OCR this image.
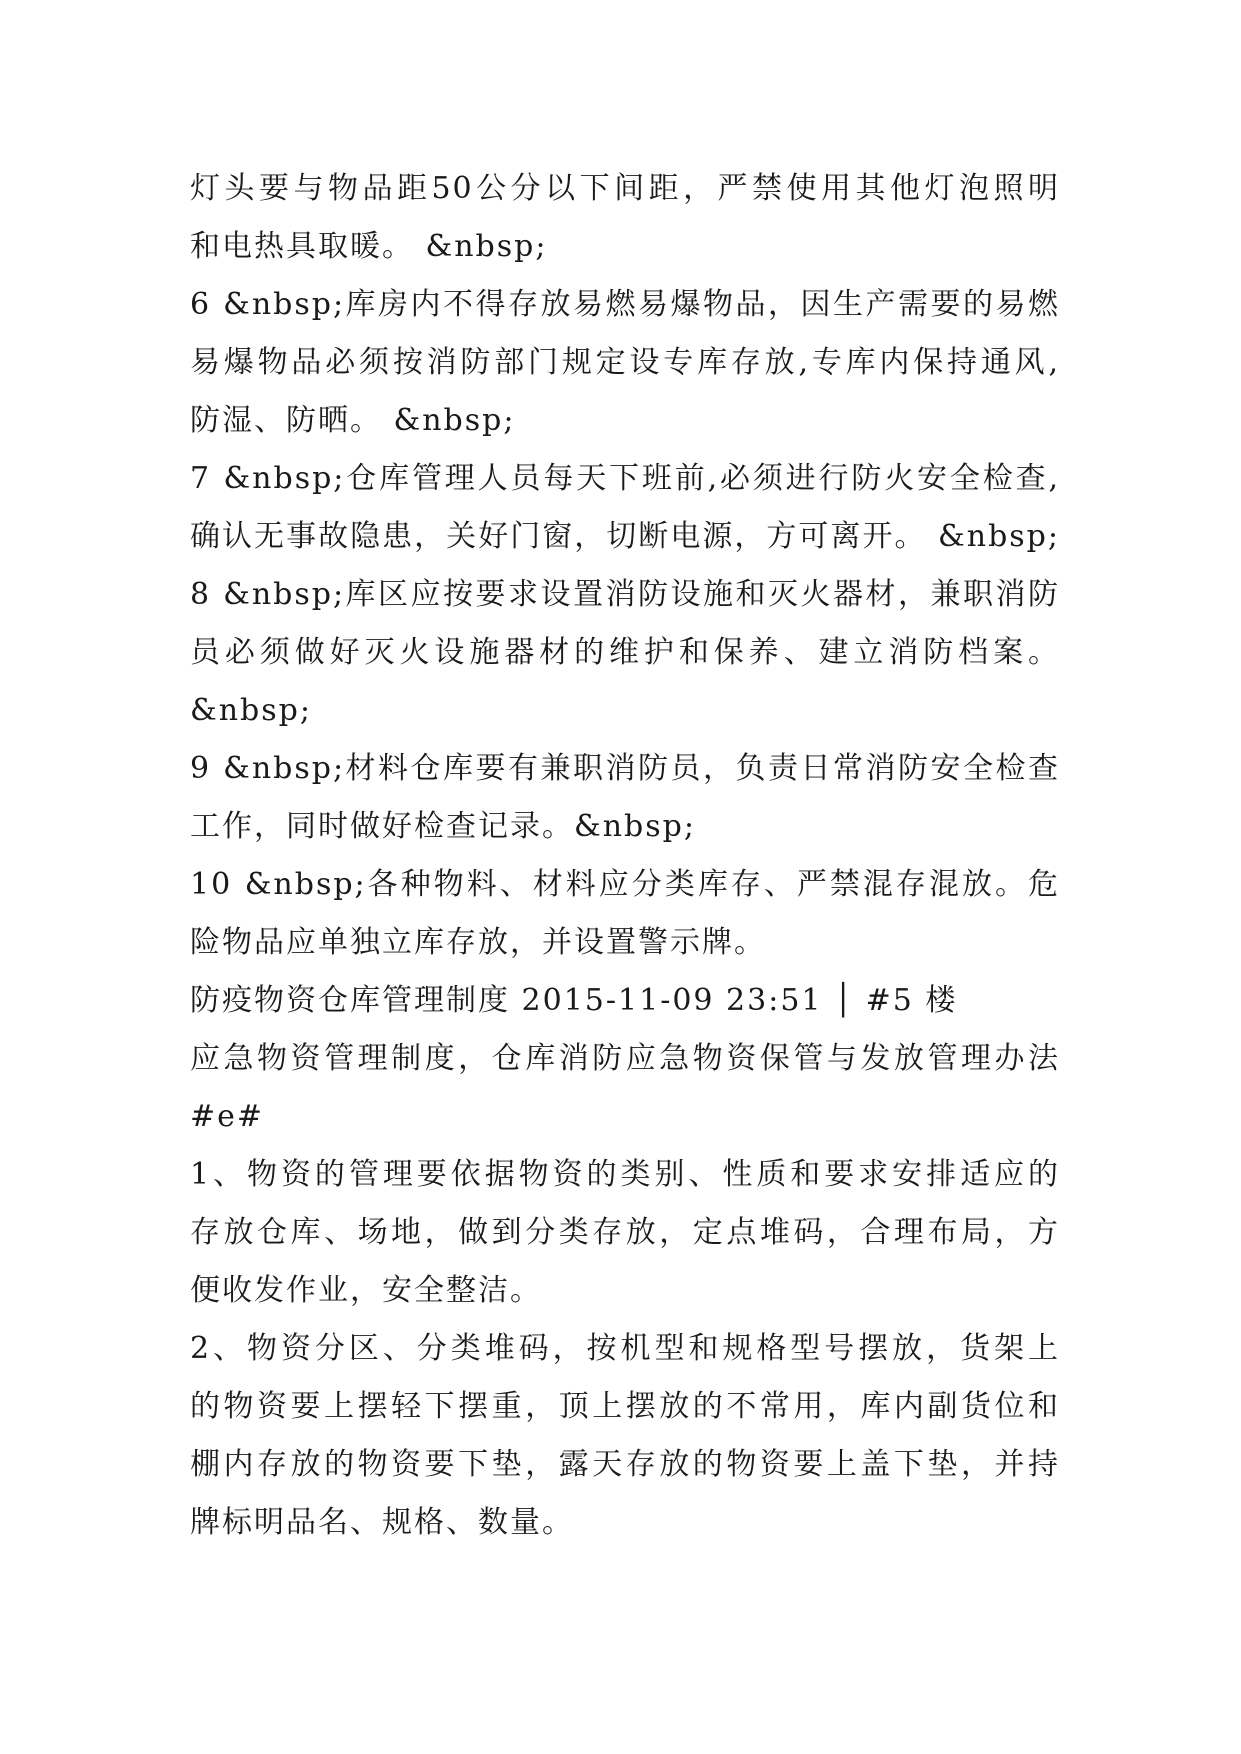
灯头要与物品距50公分以下间距，严禁使用其他灯泡照明
和电热具取暖。 &nbsp;
6 &nbsp;库房内不得存放易燃易爆物品，因生产需要的易燃
易爆物品必须按消防部门规定设专库存放,专库内保持通风,
防湿、防晒。 &nbsp;
7 &nbsp;仓库管理人员每天下班前,必须进行防火安全检查,
确认无事故隐患，关好门窗，切断电源，方可离开。 &nbsp;
8 &nbsp;库区应按要求设置消防设施和灭火器材，兼职消防
员必须做好灭火设施器材的维护和保养、建立消防档案。
&nbsp;
9 &nbsp;材料仓库要有兼职消防员，负责日常消防安全检查
工作，同时做好检查记录。&nbsp;
10 &nbsp;各种物料、材料应分类库存、严禁混存混放。危
险物品应单独立库存放，并设置警示牌。
防疫物资仓库管理制度 2015-11-09 23:51 │ #5 楼
应急物资管理制度，仓库消防应急物资保管与发放管理办法
#e#
1、物资的管理要依据物资的类别、性质和要求安排适应的
存放仓库、场地，做到分类存放，定点堆码，合理布局，方
便收发作业，安全整洁。
2、物资分区、分类堆码，按机型和规格型号摆放，货架上
的物资要上摆轻下摆重，顶上摆放的不常用，库内副货位和
棚内存放的物资要下垫，露天存放的物资要上盖下垫，并持
牌标明品名、规格、数量。
